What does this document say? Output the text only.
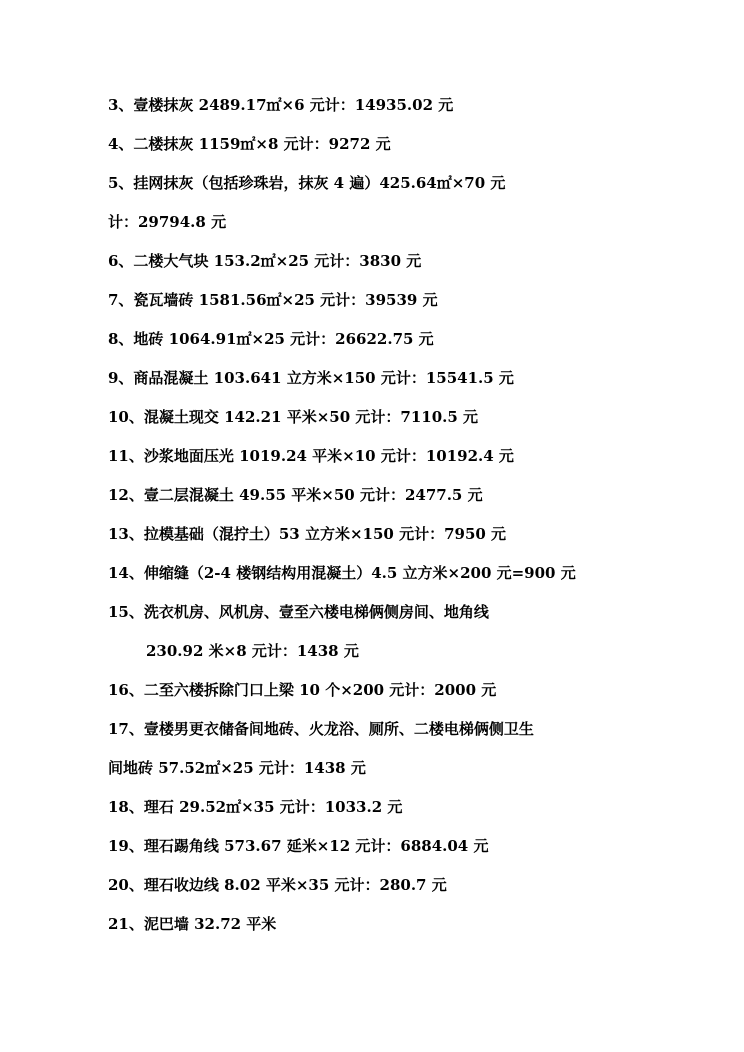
3、壹楼抹灰 2489.17㎡×6 元计：14935.02 元
4、二楼抹灰 1159㎡×8 元计：9272 元
5、挂网抹灰（包括珍珠岩，抹灰 4 遍）425.64㎡×70 元
计：29794.8 元
6、二楼大气块 153.2㎡×25 元计：3830 元
7、瓷瓦墙砖 1581.56㎡×25 元计：39539 元
8、地砖 1064.91㎡×25 元计：26622.75 元
9、商品混凝土 103.641 立方米×150 元计：15541.5 元
10、混凝土现交 142.21 平米×50 元计：7110.5 元
11、沙浆地面压光 1019.24 平米×10 元计：10192.4 元
12、壹二层混凝土 49.55 平米×50 元计：2477.5 元
13、拉模基础（混拧土）53 立方米×150 元计：7950 元
14、伸缩缝（2-4 楼钢结构用混凝土）4.5 立方米×200 元=900 元
15、洗衣机房、风机房、壹至六楼电梯俩侧房间、地角线
230.92 米×8 元计：1438 元
16、二至六楼拆除门口上梁 10 个×200 元计：2000 元
17、壹楼男更衣储备间地砖、火龙浴、厕所、二楼电梯俩侧卫生
间地砖 57.52㎡×25 元计：1438 元
18、理石 29.52㎡×35 元计：1033.2 元
19、理石踢角线 573.67 延米×12 元计：6884.04 元
20、理石收边线 8.02 平米×35 元计：280.7 元
21、泥巴墙 32.72 平米
